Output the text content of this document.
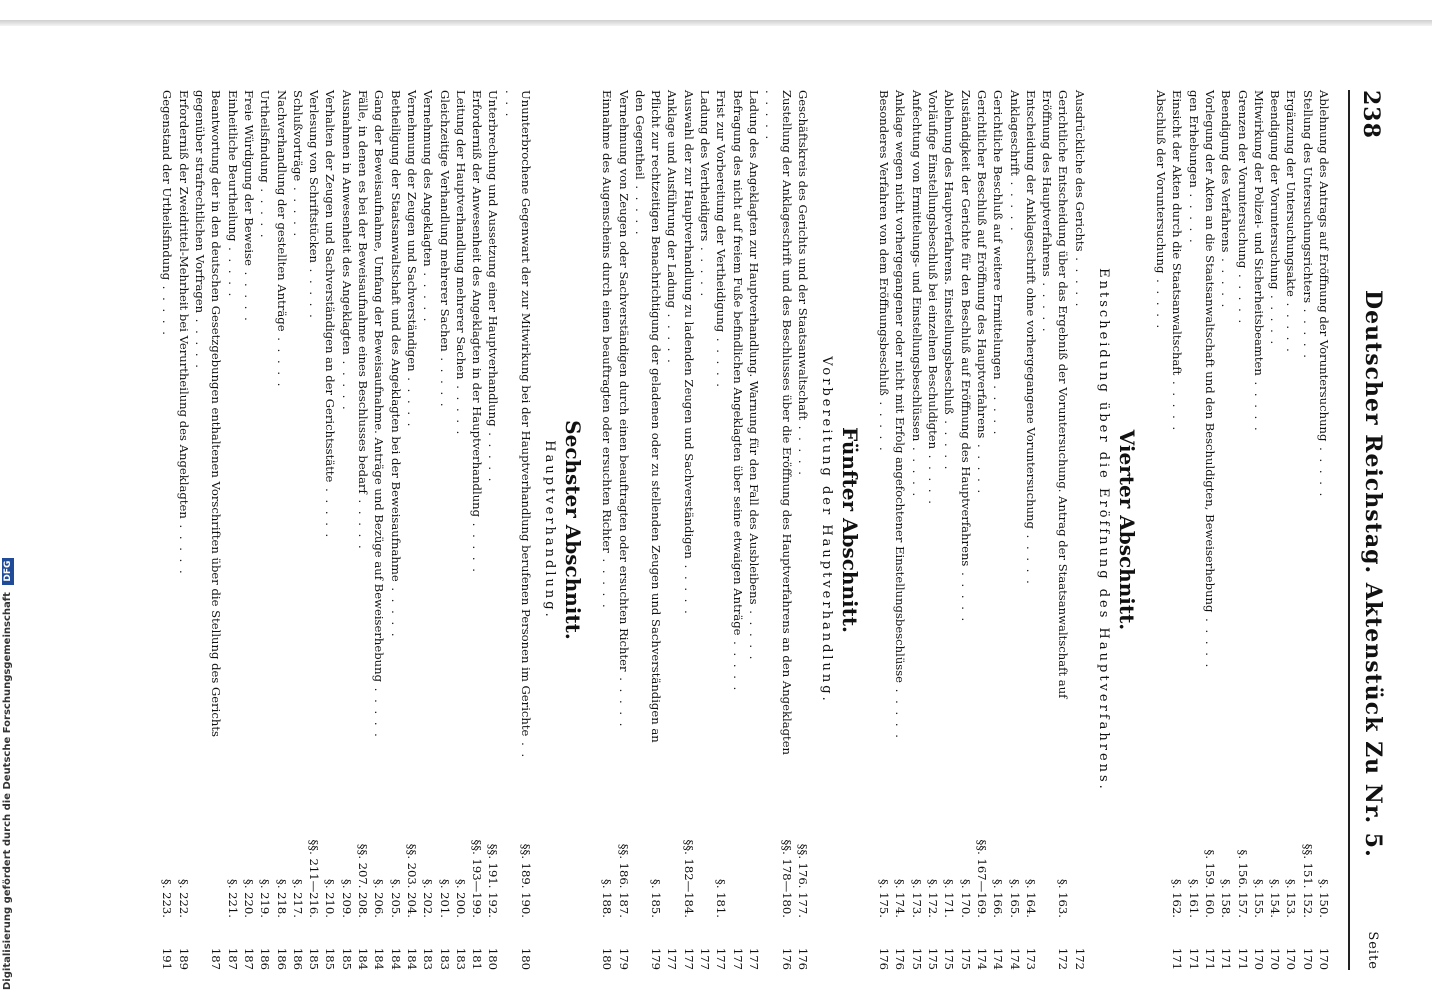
238
Deutscher Reichstag. Aktenstück Zu Nr. 5.
Seite
Ablehnung des Antrags auf Eröffnung der Voruntersuchung . . . . .
§. 150.
170
Stellung des Untersuchungsrichters . . . . .
§§. 151. 152.
170
Ergänzung der Untersuchungsakte . . . . .
§. 153.
170
Beendigung der Voruntersuchung . . . . .
§. 154.
170
Mitwirkung der Polizei- und Sicherheitsbeamten . . . . .
§. 155.
170
Grenzen der Voruntersuchung . . . . .
§. 156. 157.
171
Beendigung des Verfahrens . . . . .
§. 158.
171
Vorlegung der Akten an die Staatsanwaltschaft und den Beschuldigten, Beweiserhebung . . . . .
§. 159. 160.
171
gen Erhebungen . . . . .
§. 161.
171
Einsicht der Akten durch die Staatsanwaltschaft . . . . .
§. 162.
171
Abschluß der Voruntersuchung . . . . .
Vierter Abschnitt.
Entscheidung über die Eröffnung des Hauptverfahrens.
Ausdrückliche des Gerichts . . . . .
172
Gerichtliche Entscheidung über das Ergebniß der Voruntersuchung. Antrag der Staatsanwaltschaft auf Eröffnung des Hauptverfahrens . . . . .
§. 163.
172
Entscheidung der Anklageschrift ohne vorhergegangene Voruntersuchung . . . . .
§. 164.
173
Anklageschrift . . . . .
§. 165.
174
Gerichtliche Beschluß auf weitere Ermittelungen . . . . .
§. 166.
174
Gerichtlicher Beschluß auf Eröffnung des Hauptverfahrens . . . . .
§§. 167—169.
174
Zuständigkeit der Gerichte für den Beschluß auf Eröffnung des Hauptverfahrens . . . . .
§. 170.
175
Ablehnung des Hauptverfahrens. Einstellungsbeschluß . . . . .
§. 171.
175
Vorläufige Einstellungsbeschluß bei einzelnen Beschuldigten . . . . .
§. 172.
175
Anfechtung von Ermittelungs- und Einstellungsbeschlüssen . . . . .
§. 173.
175
Anklage wegen nicht vorhergegangener oder nicht mit Erfolg angefochtener Einstellungsbeschlüsse . . . . .
§. 174.
176
Besonderes Verfahren von dem Eröffnungsbeschluß . . . . .
§. 175.
176
Fünfter Abschnitt.
Vorbereitung der Hauptverhandlung.
Geschäftskreis des Gerichts und der Staatsanwaltschaft . . . . .
§§. 176. 177.
176
Zustellung der Anklageschrift und des Beschlusses über die Eröffnung des Hauptverfahrens an den Angeklagten . . . . .
§§. 178—180.
176
Ladung des Angeklagten zur Hauptverhandlung. Warnung für den Fall des Ausbleibens . . . . .
177
Befragung des nicht auf freiem Fuße befindlichen Angeklagten über seine etwaigen Anträge . . . . .
177
Frist zur Vorbereitung der Vertheidigung . . . . .
§. 181.
177
Ladung des Vertheidigers . . . . .
177
Auswahl der zur Hauptverhandlung zu ladenden Zeugen und Sachverständigen . . . . .
§§. 182—184.
177
Anklage und Ausführung der Ladung . . . . .
177
Pflicht zur rechtzeitigen Benachrichtigung der geladenen oder zu stellenden Zeugen und Sachverständigen an den Gegentheil . . . . .
§. 185.
179
Vernehmung von Zeugen oder Sachverständigen durch einen beauftragten oder ersuchten Richter . . . . .
§§. 186. 187.
179
Einnahme des Augenscheins durch einen beauftragten oder ersuchten Richter . . . . .
§. 188.
180
Sechster Abschnitt.
Hauptverhandlung.
Ununterbrochene Gegenwart der zur Mitwirkung bei der Hauptverhandlung berufenen Personen im Gerichte . . . . .
§§. 189. 190.
180
Unterbrechung und Aussetzung einer Hauptverhandlung . . . . .
§§. 191. 192.
180
Erforderniß der Anwesenheit des Angeklagten in der Hauptverhandlung . . . . .
§§. 193—199.
181
Leitung der Hauptverhandlung mehrerer Sachen . . . . .
§. 200.
183
Gleichzeitige Verhandlung mehrerer Sachen . . . . .
§. 201.
183
Vernehmung des Angeklagten . . . . .
§. 202.
183
Vernehmung der Zeugen und Sachverständigen . . . . .
§§. 203. 204.
184
Betheiligung der Staatsanwaltschaft und des Angeklagten bei der Beweisaufnahme . . . . .
§. 205.
184
Gang der Beweisaufnahme, Umfang der Beweisaufnahme. Anträge und Bezüge auf Beweiserhebung . . . . .
§. 206.
184
Fälle, in denen es bei der Beweisaufnahme eines Beschlusses bedarf . . . . .
§§. 207. 208.
184
Ausnahmen in Anwesenheit des Angeklagten . . . . .
§. 209.
185
Verhalten der Zeugen und Sachverständigen an der Gerichtsstätte . . . . .
§. 210.
185
Verlesung von Schriftstücken . . . . .
§§. 211—216.
185
Schlußvorträge . . . . .
§. 217.
186
Nachverhandlung der gestellten Anträge . . . . .
§. 218.
186
Urtheilsfindung . . . . .
§. 219.
186
Freie Würdigung der Beweise . . . . .
§. 220.
187
Einheitliche Beurtheilung . . . . .
§. 221.
187
Beantwortung der in den deutschen Gesetzgebungen enthaltenen Vorschriften über die Stellung des Gerichts gegenüber strafrechtlichen Vorfragen . . . . .
187
Erforderniß der Zweidrittel-Mehrheit bei Verurtheilung des Angeklagten . . . . .
§. 222.
189
Gegenstand der Urtheilsfindung . . . . .
§. 223.
191
Digitalisierung gefördert durch die Deutsche Forschungsgemeinschaft DFG
